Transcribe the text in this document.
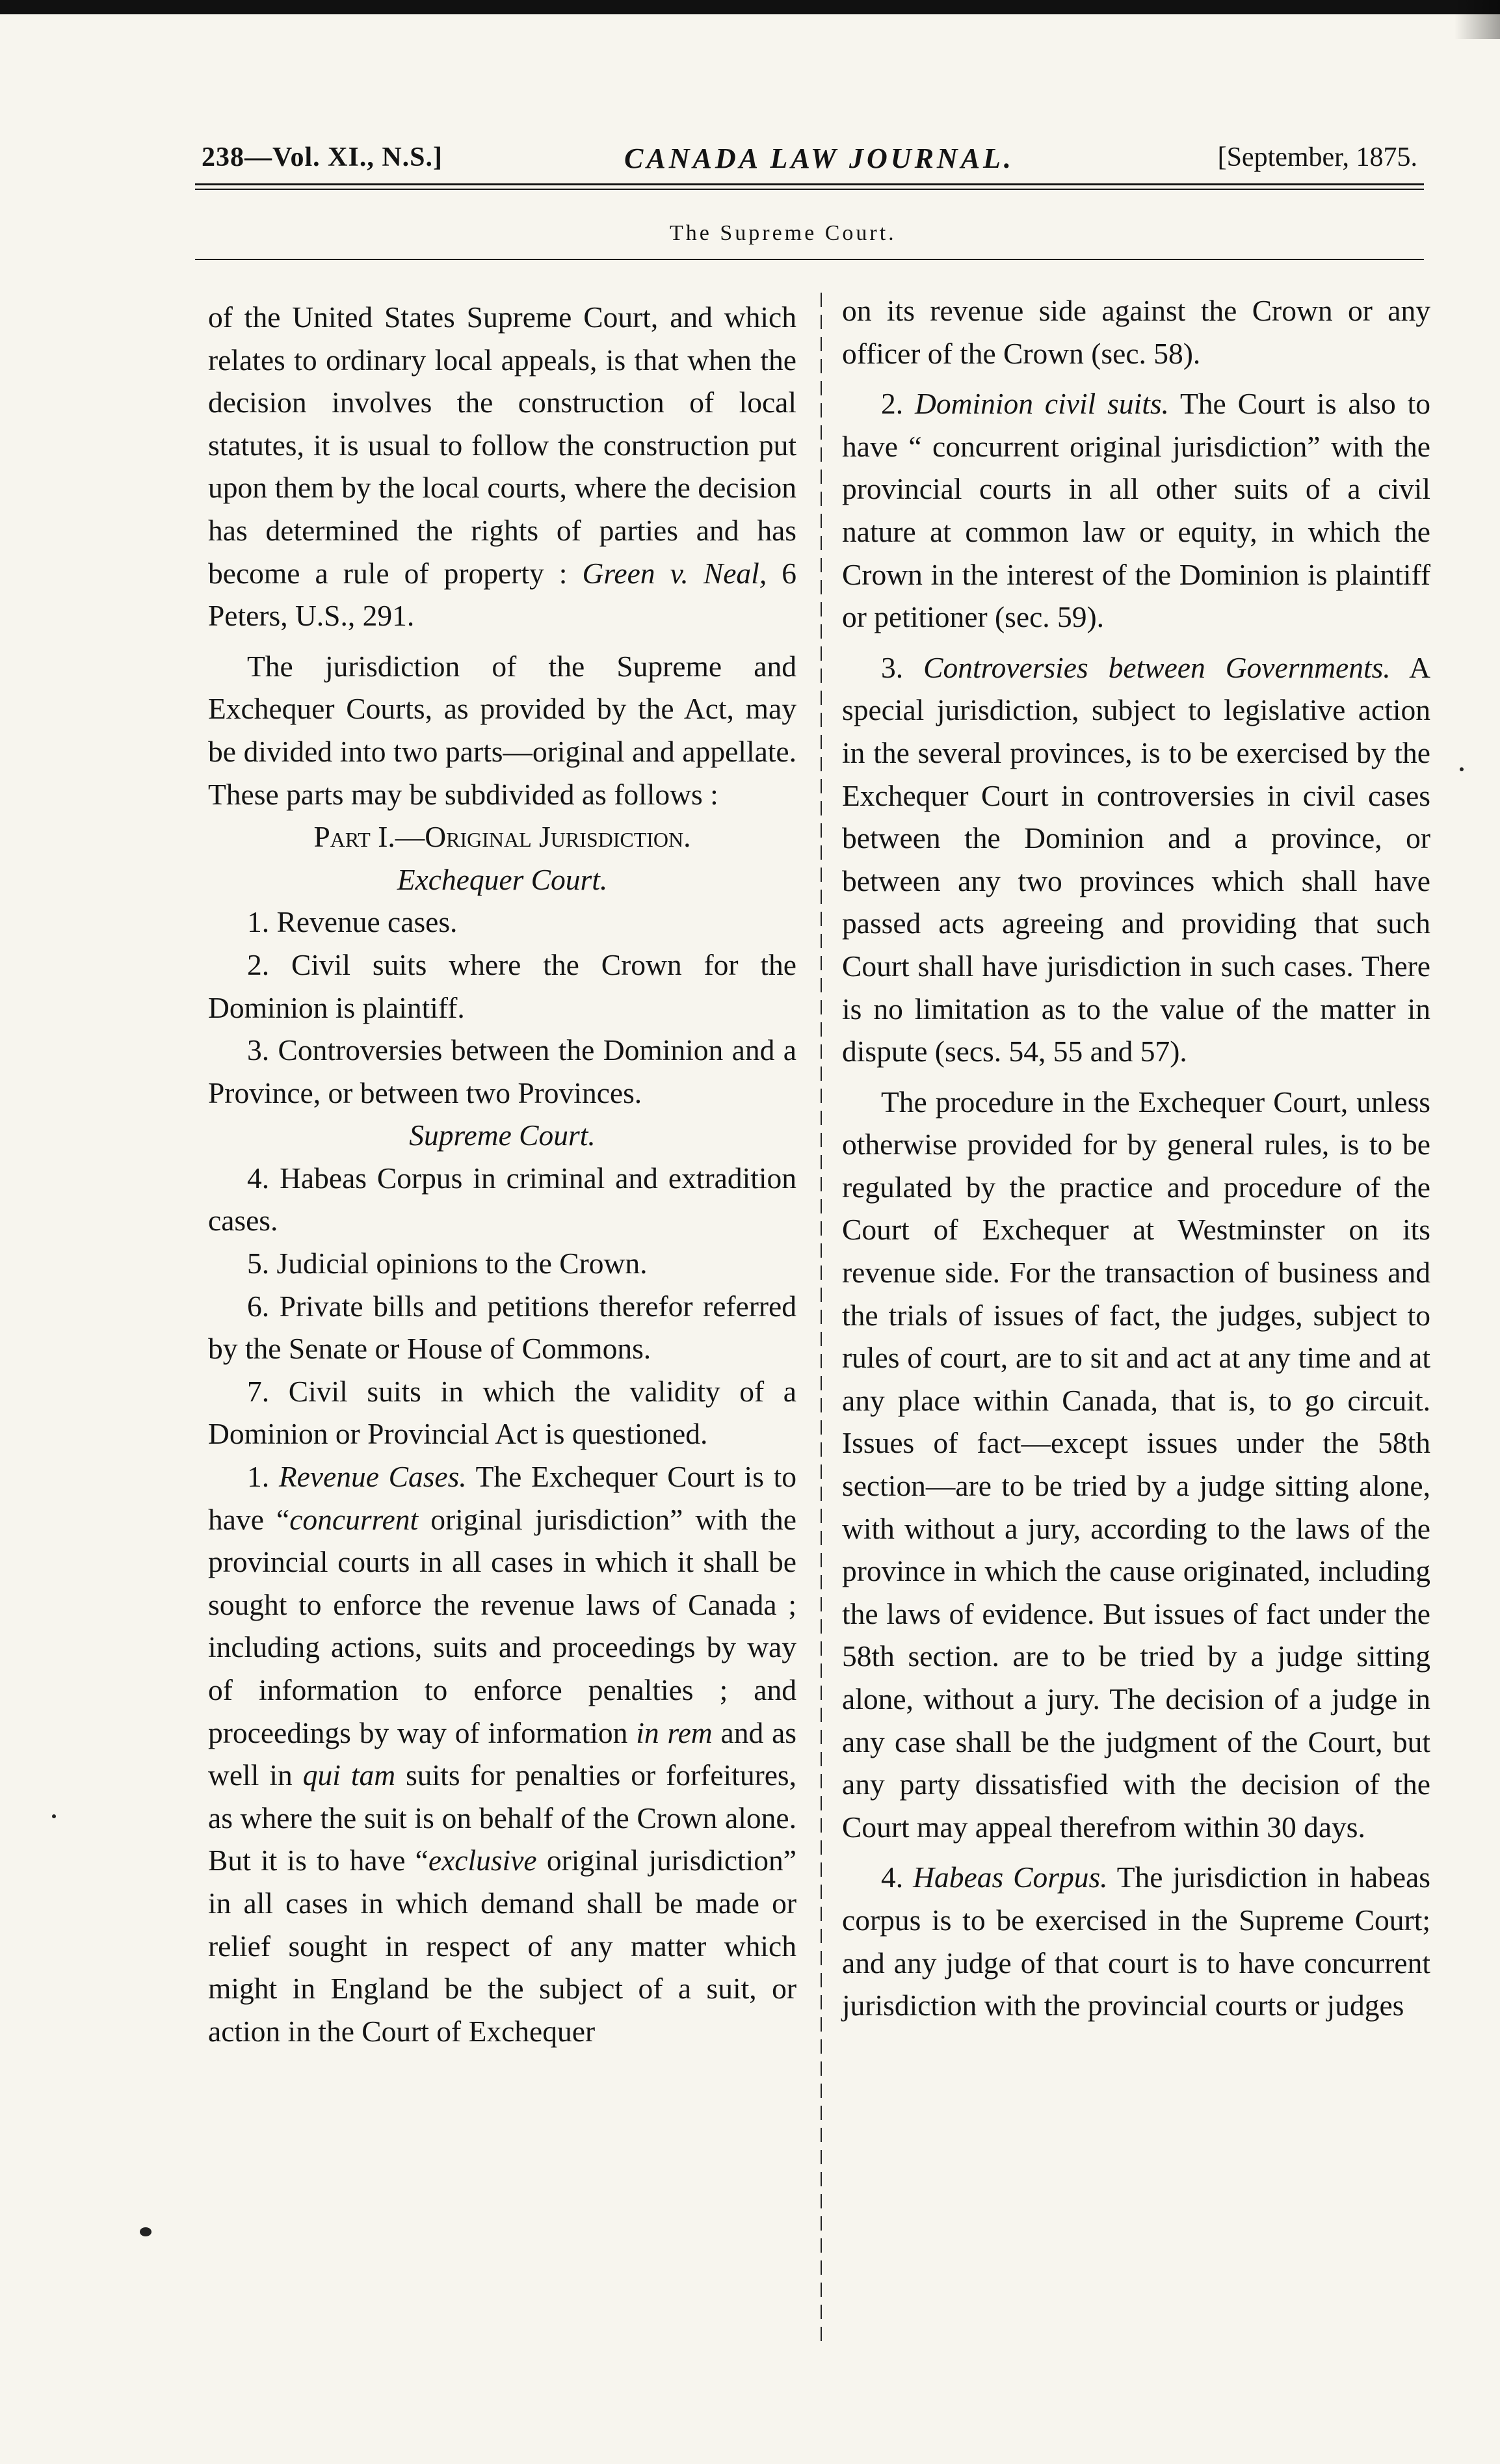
238—Vol. XI., N.S.]	CANADA LAW JOURNAL.	[September, 1875.
The Supreme Court.

of the United States Supreme Court, and which relates to ordinary local appeals, is that when the decision involves the construction of local statutes, it is usual to follow the construction put upon them by the local courts, where the decision has determined the rights of parties and has become a rule of property : Green v. Neal, 6 Peters, U.S., 291.

The jurisdiction of the Supreme and Exchequer Courts, as provided by the Act, may be divided into two parts—original and appellate. These parts may be subdivided as follows :

Part I.—Original Jurisdiction.

Exchequer Court.

1. Revenue cases.

2. Civil suits where the Crown for the Dominion is plaintiff.

3. Controversies between the Dominion and a Province, or between two Provinces.

Supreme Court.

4. Habeas Corpus in criminal and extradition cases.

5. Judicial opinions to the Crown.

6. Private bills and petitions therefor referred by the Senate or House of Commons.

7. Civil suits in which the validity of a Dominion or Provincial Act is questioned.

1. Revenue Cases. The Exchequer Court is to have “concurrent original jurisdiction” with the provincial courts in all cases in which it shall be sought to enforce the revenue laws of Canada ; including actions, suits and proceedings by way of information to enforce penalties ; and proceedings by way of information in rem and as well in qui tam suits for penalties or forfeitures, as where the suit is on behalf of the Crown alone. But it is to have “exclusive original jurisdiction” in all cases in which demand shall be made or relief sought in respect of any matter which might in England be the subject of a suit, or action in the Court of Exchequer

on its revenue side against the Crown or any officer of the Crown (sec. 58).

2. Dominion civil suits. The Court is also to have “ concurrent original jurisdiction” with the provincial courts in all other suits of a civil nature at common law or equity, in which the Crown in the interest of the Dominion is plaintiff or petitioner (sec. 59).

3. Controversies between Governments. A special jurisdiction, subject to legislative action in the several provinces, is to be exercised by the Exchequer Court in controversies in civil cases between the Dominion and a province, or between any two provinces which shall have passed acts agreeing and providing that such Court shall have jurisdiction in such cases. There is no limitation as to the value of the matter in dispute (secs. 54, 55 and 57).

The procedure in the Exchequer Court, unless otherwise provided for by general rules, is to be regulated by the practice and procedure of the Court of Exchequer at Westminster on its revenue side. For the transaction of business and the trials of issues of fact, the judges, subject to rules of court, are to sit and act at any time and at any place within Canada, that is, to go circuit. Issues of fact—except issues under the 58th section—are to be tried by a judge sitting alone, with without a jury, according to the laws of the province in which the cause originated, including the laws of evidence. But issues of fact under the 58th section. are to be tried by a judge sitting alone, without a jury. The decision of a judge in any case shall be the judgment of the Court, but any party dissatisfied with the decision of the Court may appeal therefrom within 30 days.

4. Habeas Corpus. The jurisdiction in habeas corpus is to be exercised in the Supreme Court; and any judge of that court is to have concurrent jurisdiction with the provincial courts or judges
